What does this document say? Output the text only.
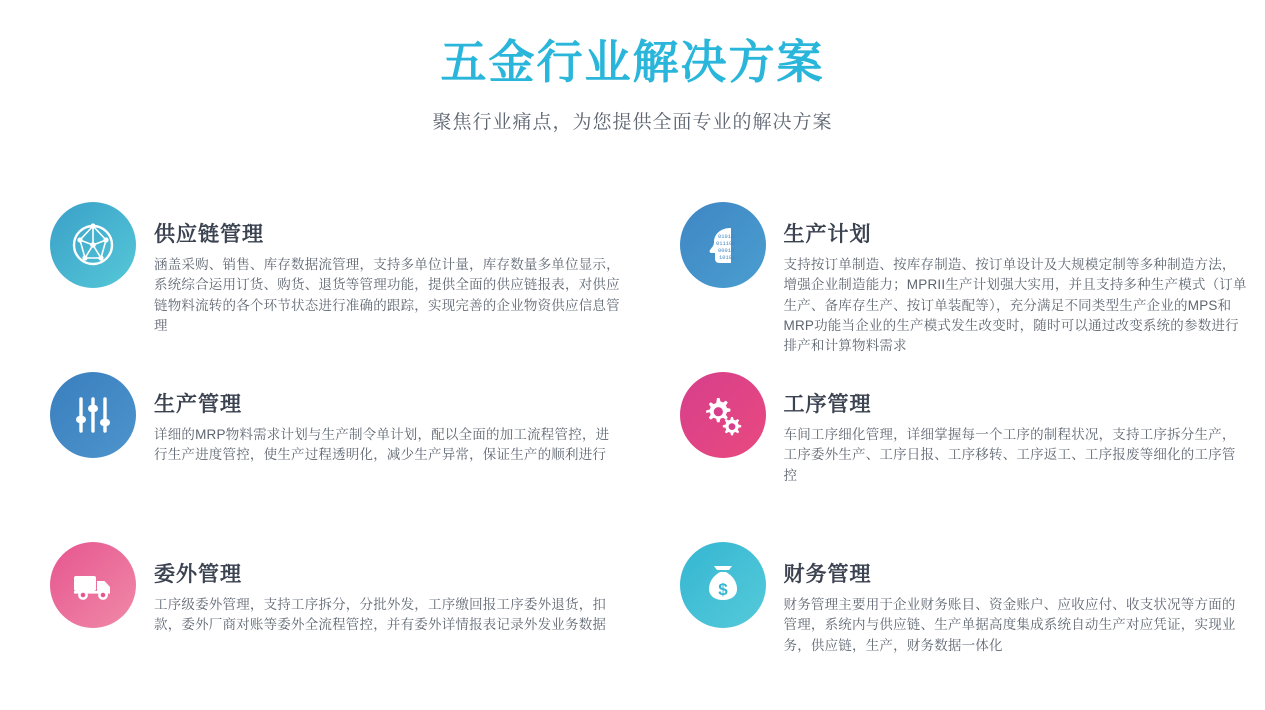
五金行业解决方案
聚焦行业痛点，为您提供全面专业的解决方案
供应链管理

涵盖采购、销售、库存数据流管理，支持多单位计量，库存数量多单位显示，系统综合运用订货、购货、退货等管理功能，提供全面的供应链报表，对供应链物料流转的各个环节状态进行准确的跟踪，实现完善的企业物资供应信息管理

01010
011100
00010
10101
生产计划

支持按订单制造、按库存制造、按订单设计及大规模定制等多种制造方法，增强企业制造能力；MPRII生产计划强大实用，并且支持多种生产模式（订单生产、备库存生产、按订单装配等），充分满足不同类型生产企业的MPS和MRP功能当企业的生产模式发生改变时，随时可以通过改变系统的参数进行排产和计算物料需求

生产管理

详细的MRP物料需求计划与生产制令单计划，配以全面的加工流程管控，进行生产进度管控，使生产过程透明化，减少生产异常，保证生产的顺利进行

工序管理

车间工序细化管理，详细掌握每一个工序的制程状况，支持工序拆分生产，工序委外生产、工序日报、工序移转、工序返工、工序报废等细化的工序管控

委外管理

工序级委外管理，支持工序拆分，分批外发，工序缴回报工序委外退货，扣款，委外厂商对账等委外全流程管控，并有委外详情报表记录外发业务数据

$
财务管理

财务管理主要用于企业财务账目、资金账户、应收应付、收支状况等方面的管理，系统内与供应链、生产单据高度集成系统自动生产对应凭证，实现业务，供应链，生产，财务数据一体化
